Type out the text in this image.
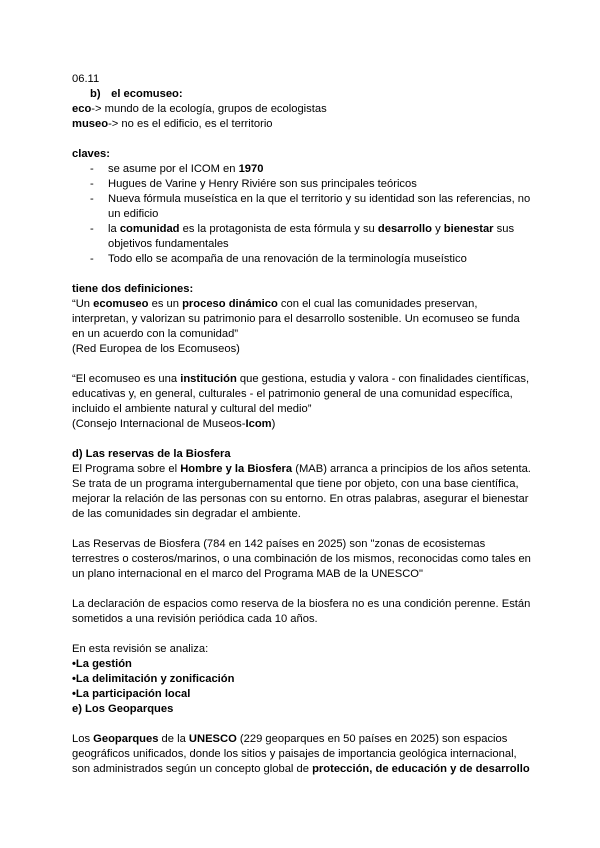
06.11

b) el ecomuseo:

eco-> mundo de la ecología, grupos de ecologistas

museo-> no es el edificio, es el territorio

claves:

- se asume por el ICOM en 1970
- Hugues de Varine y Henry Riviére son sus principales teóricos
- Nueva fórmula museística en la que el territorio y su identidad son las referencias, no un edificio
- la comunidad es la protagonista de esta fórmula y su desarrollo y bienestar sus objetivos fundamentales
- Todo ello se acompaña de una renovación de la terminología museístico

tiene dos definiciones:

“Un ecomuseo es un proceso dinámico con el cual las comunidades preservan, interpretan, y valorizan su patrimonio para el desarrollo sostenible. Un ecomuseo se funda en un acuerdo con la comunidad”

(Red Europea de los Ecomuseos)

“El ecomuseo es una institución que gestiona, estudia y valora - con finalidades científicas, educativas y, en general, culturales - el patrimonio general de una comunidad específica, incluido el ambiente natural y cultural del medio”

(Consejo Internacional de Museos-Icom)

d) Las reservas de la Biosfera

El Programa sobre el Hombre y la Biosfera (MAB) arranca a principios de los años setenta. Se trata de un programa intergubernamental que tiene por objeto, con una base científica, mejorar la relación de las personas con su entorno. En otras palabras, asegurar el bienestar de las comunidades sin degradar el ambiente.

Las Reservas de Biosfera (784 en 142 países en 2025) son "zonas de ecosistemas terrestres o costeros/marinos, o una combinación de los mismos, reconocidas como tales en un plano internacional en el marco del Programa MAB de la UNESCO"

La declaración de espacios como reserva de la biosfera no es una condición perenne. Están sometidos a una revisión periódica cada 10 años.

En esta revisión se analiza:

•La gestión

•La delimitación y zonificación

•La participación local

e) Los Geoparques

Los Geoparques de la UNESCO (229 geoparques en 50 países en 2025) son espacios geográficos unificados, donde los sitios y paisajes de importancia geológica internacional, son administrados según un concepto global de protección, de educación y de desarrollo
